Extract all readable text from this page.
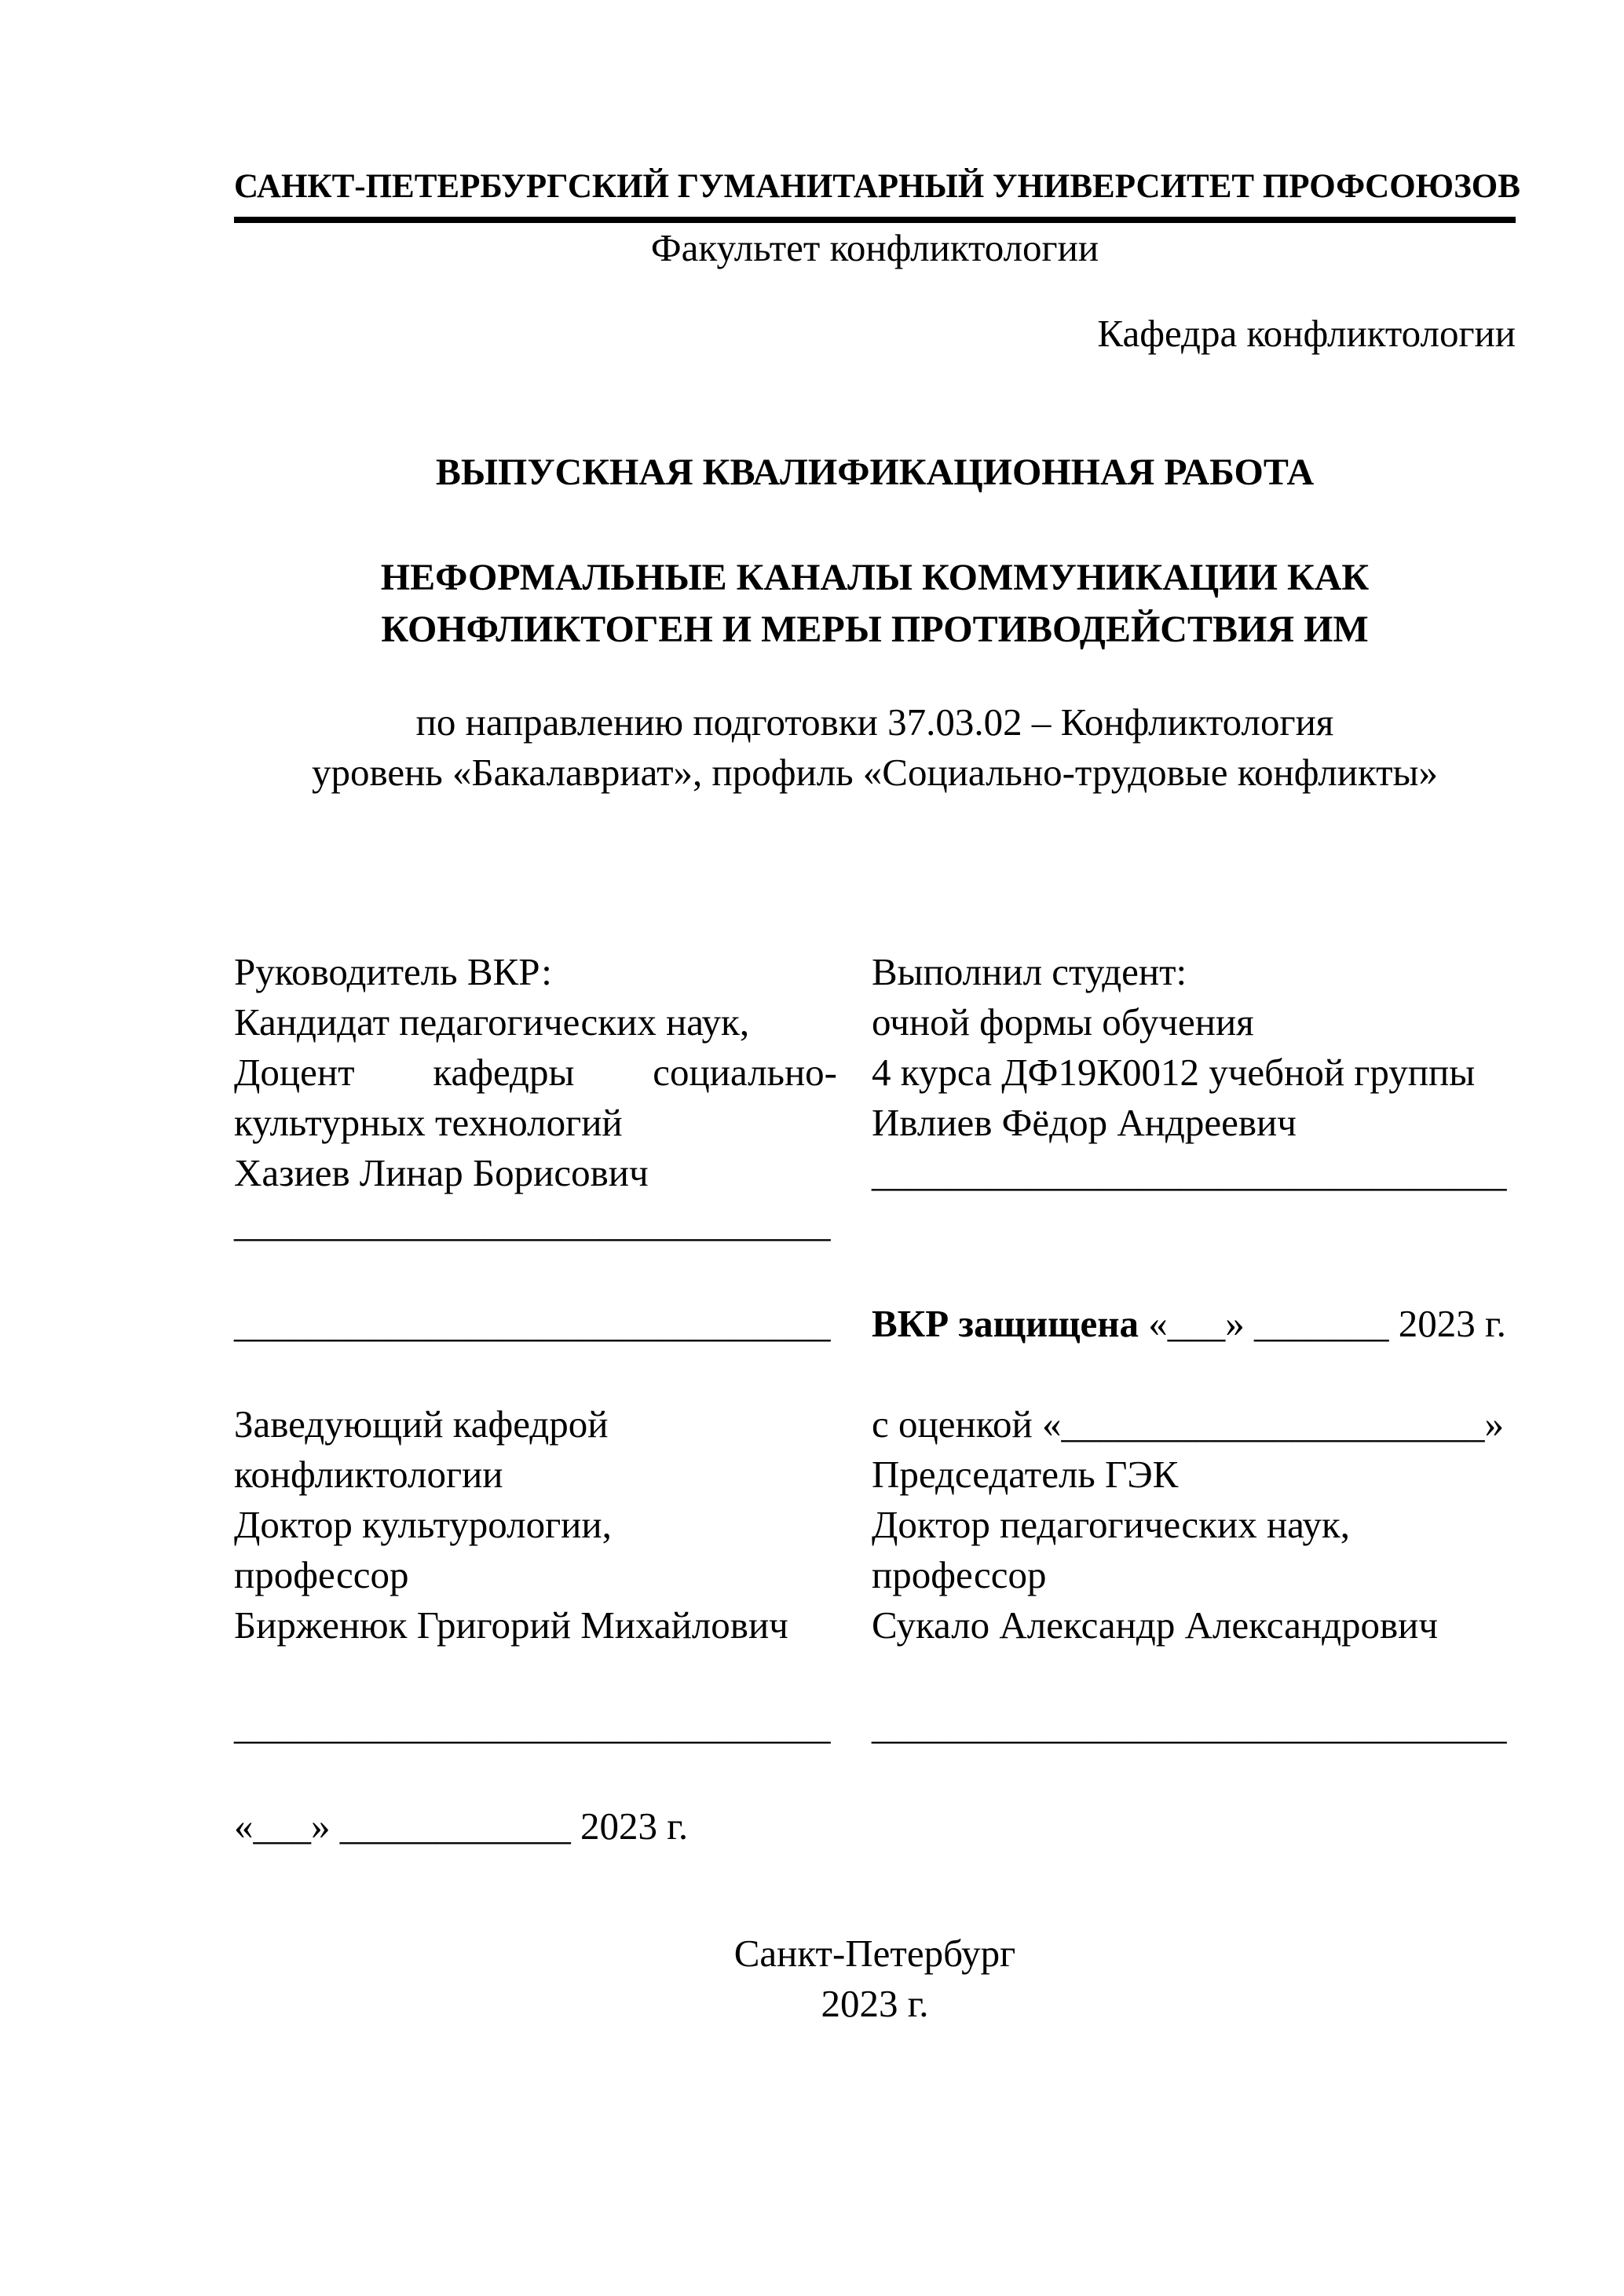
САНКТ-ПЕТЕРБУРГСКИЙ ГУМАНИТАРНЫЙ УНИВЕРСИТЕТ ПРОФСОЮЗОВ
Факультет конфликтологии
Кафедра конфликтологии
ВЫПУСКНАЯ КВАЛИФИКАЦИОННАЯ РАБОТА
НЕФОРМАЛЬНЫЕ КАНАЛЫ КОММУНИКАЦИИ КАК
КОНФЛИКТОГЕН И МЕРЫ ПРОТИВОДЕЙСТВИЯ ИМ
по направлению подготовки 37.03.02 – Конфликтология
уровень «Бакалавриат», профиль «Социально-трудовые конфликты»
Руководитель ВКР:
Кандидат педагогических наук,
Доцент кафедры социально-
культурных технологий
Хазиев Линар Борисович
_______________________________
_______________________________
Заведующий кафедрой
конфликтологии
Доктор культурологии,
профессор
Бирженюк Григорий Михайлович
_______________________________
«___» ____________ 2023 г.
Выполнил студент:
очной формы обучения
4 курса ДФ19К0012 учебной группы
Ивлиев Фёдор Андреевич
_________________________________
ВКР защищена «___» _______ 2023 г.
с оценкой «______________________»
Председатель ГЭК
Доктор педагогических наук,
профессор
Сукало Александр Александрович
_________________________________
Санкт-Петербург
2023 г.
